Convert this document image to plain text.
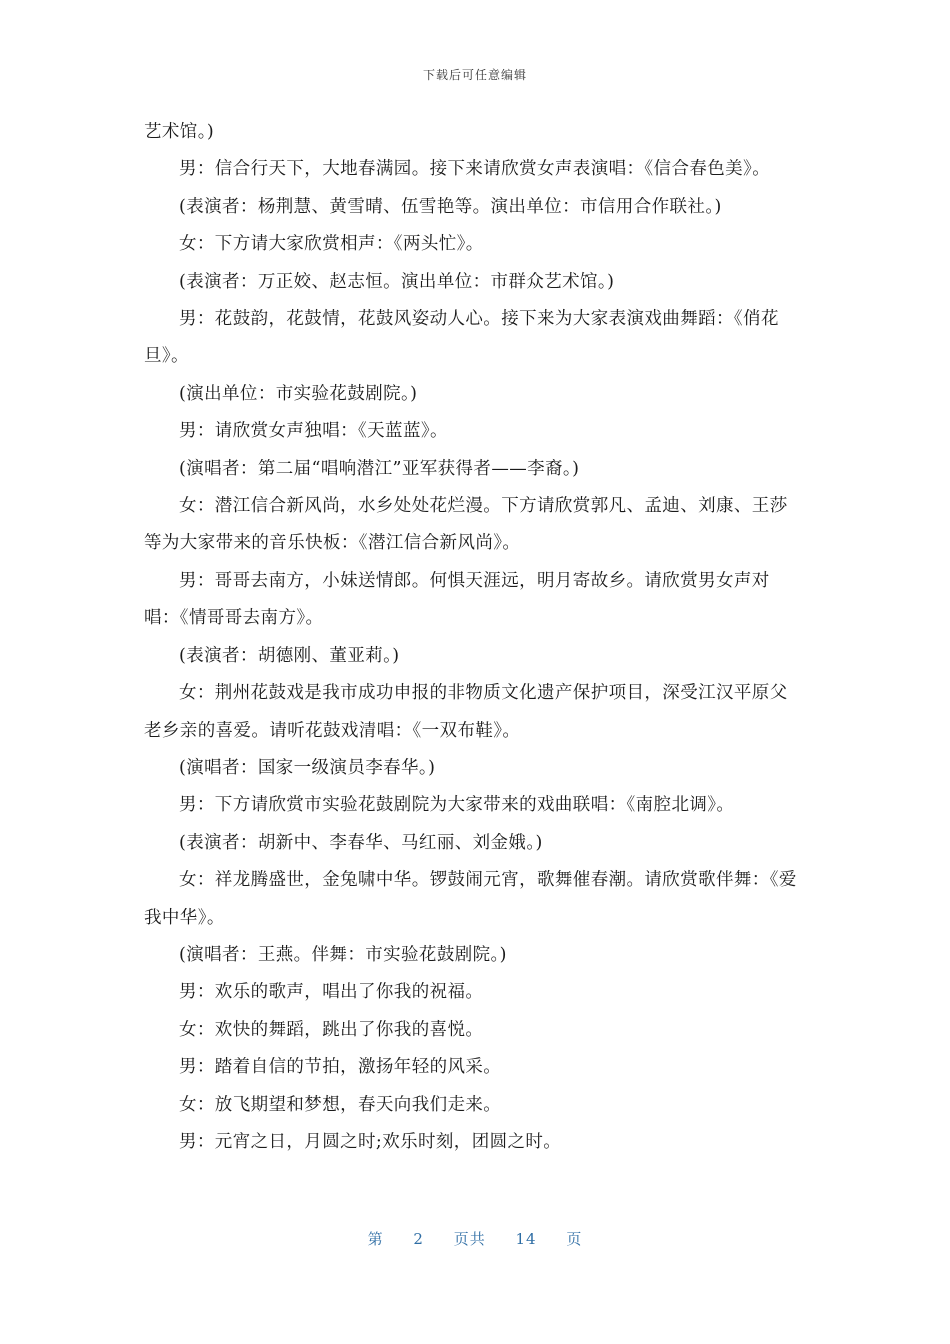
下载后可任意编辑

艺术馆。)

男：信合行天下，大地春满园。接下来请欣赏女声表演唱：《信合春色美》。

(表演者：杨荆慧、黄雪晴、伍雪艳等。演出单位：市信用合作联社。)

女：下方请大家欣赏相声：《两头忙》。

(表演者：万正姣、赵志恒。演出单位：市群众艺术馆。)

男：花鼓韵，花鼓情，花鼓风姿动人心。接下来为大家表演戏曲舞蹈：《俏花旦》。

(演出单位：市实验花鼓剧院。)

男：请欣赏女声独唱：《天蓝蓝》。

(演唱者：第二届“唱响潜江”亚军获得者——李裔。)

女：潜江信合新风尚，水乡处处花烂漫。下方请欣赏郭凡、孟迪、刘康、王莎等为大家带来的音乐快板：《潜江信合新风尚》。

男：哥哥去南方，小妹送情郎。何惧天涯远，明月寄故乡。请欣赏男女声对唱：《情哥哥去南方》。

(表演者：胡德刚、董亚莉。)

女：荆州花鼓戏是我市成功申报的非物质文化遗产保护项目，深受江汉平原父老乡亲的喜爱。请听花鼓戏清唱：《一双布鞋》。

(演唱者：国家一级演员李春华。)

男：下方请欣赏市实验花鼓剧院为大家带来的戏曲联唱：《南腔北调》。

(表演者：胡新中、李春华、马红丽、刘金娥。)

女：祥龙腾盛世，金兔啸中华。锣鼓闹元宵，歌舞催春潮。请欣赏歌伴舞：《爱我中华》。

(演唱者：王燕。伴舞：市实验花鼓剧院。)

男：欢乐的歌声，唱出了你我的祝福。

女：欢快的舞蹈，跳出了你我的喜悦。

男：踏着自信的节拍，激扬年轻的风采。

女：放飞期望和梦想，春天向我们走来。

男：元宵之日，月圆之时;欢乐时刻，团圆之时。

第 2 页共 14 页
